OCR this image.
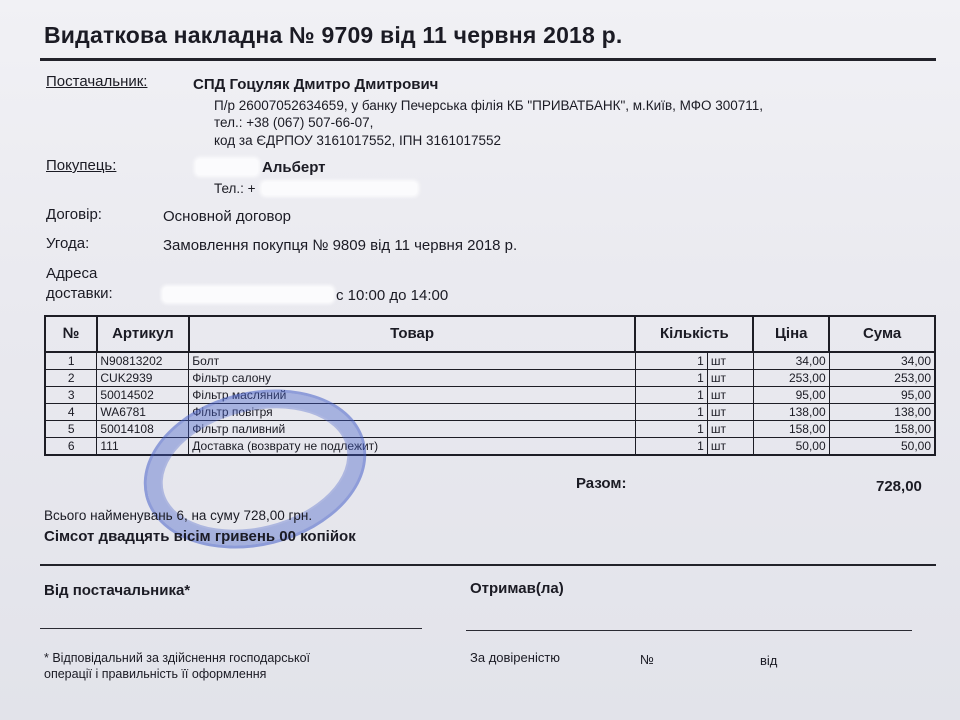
Видаткова накладна № 9709 від 11 червня 2018 р.
Постачальник:	СПД Гоцуляк Дмитро Дмитрович
П/р 26007052634659, у банку Печерська філія КБ "ПРИВАТБАНК", м.Київ, МФО 300711,
тел.: +38 (067) 507-66-07,
код за ЄДРПОУ 3161017552, ІПН 3161017552
Покупець:	Альберт
Тел.: +
Договір:	Основной договор
Угода:	Замовлення покупця № 9809 від 11 червня 2018 р.
Адреса
доставки:	с 10:00 до 14:00
№	Артикул	Товар	Кількість		Ціна	Сума
1	N90813202	Болт	1	шт	34,00	34,00
2	CUK2939	Фільтр салону	1	шт	253,00	253,00
3	50014502	Фільтр масляний	1	шт	95,00	95,00
4	WA6781	Фільтр повітря	1	шт	138,00	138,00
5	50014108	Фільтр паливний	1	шт	158,00	158,00
6	111	Доставка (возврату не подлежит)	1	шт	50,00	50,00
Разом:	728,00
Всього найменувань 6, на суму 728,00 грн.
Сімсот двадцять вісім гривень 00 копійок
Від постачальника*	Отримав(ла)
* Відповідальний за здійснення господарської
операції і правильність її оформлення
За довіреністю	№	від
